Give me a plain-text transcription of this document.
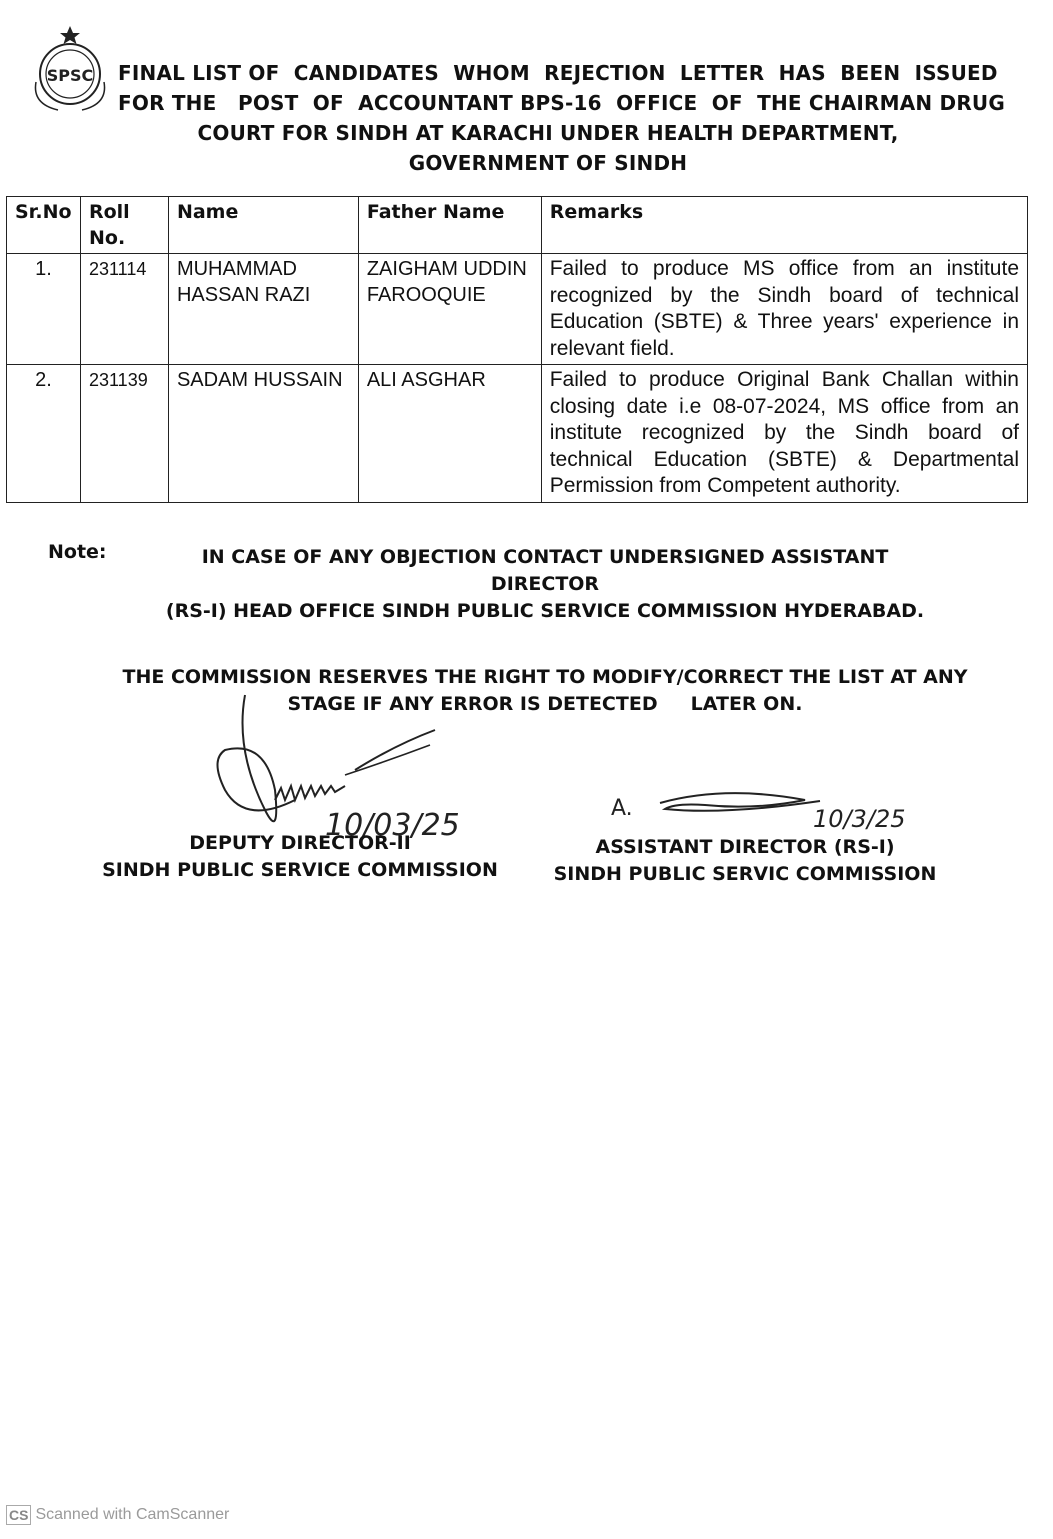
SPSC FINAL LIST OF  CANDIDATES  WHOM  REJECTION  LETTER  HAS  BEEN  ISSUED
FOR THE   POST  OF  ACCOUNTANT BPS-16  OFFICE  OF  THE CHAIRMAN DRUG
COURT FOR SINDH AT KARACHI UNDER HEALTH DEPARTMENT,
GOVERNMENT OF SINDH
Sr.No	Roll No.	Name	Father Name	Remarks
1.	231114	MUHAMMAD HASSAN RAZI	ZAIGHAM UDDIN FAROOQUIE	Failed to produce MS office from an institute recognized by the Sindh board of technical Education (SBTE) & Three years' experience in relevant field.
2.	231139	SADAM HUSSAIN	ALI ASGHAR	Failed to produce Original Bank Challan within closing date i.e 08-07-2024, MS office from an institute recognized by the Sindh board of technical Education (SBTE) & Departmental Permission from Competent authority.
Note:	IN CASE OF ANY OBJECTION CONTACT UNDERSIGNED ASSISTANT DIRECTOR
(RS-I) HEAD OFFICE SINDH PUBLIC SERVICE COMMISSION HYDERABAD.
THE COMMISSION RESERVES THE RIGHT TO MODIFY/CORRECT THE LIST AT ANY
STAGE IF ANY ERROR IS DETECTED     LATER ON.
10/03/25	A.	10/3/25
DEPUTY DIRECTOR-II
SINDH PUBLIC SERVICE COMMISSION
ASSISTANT DIRECTOR (RS-I)
SINDH PUBLIC SERVIC COMMISSION
CS Scanned with CamScanner
